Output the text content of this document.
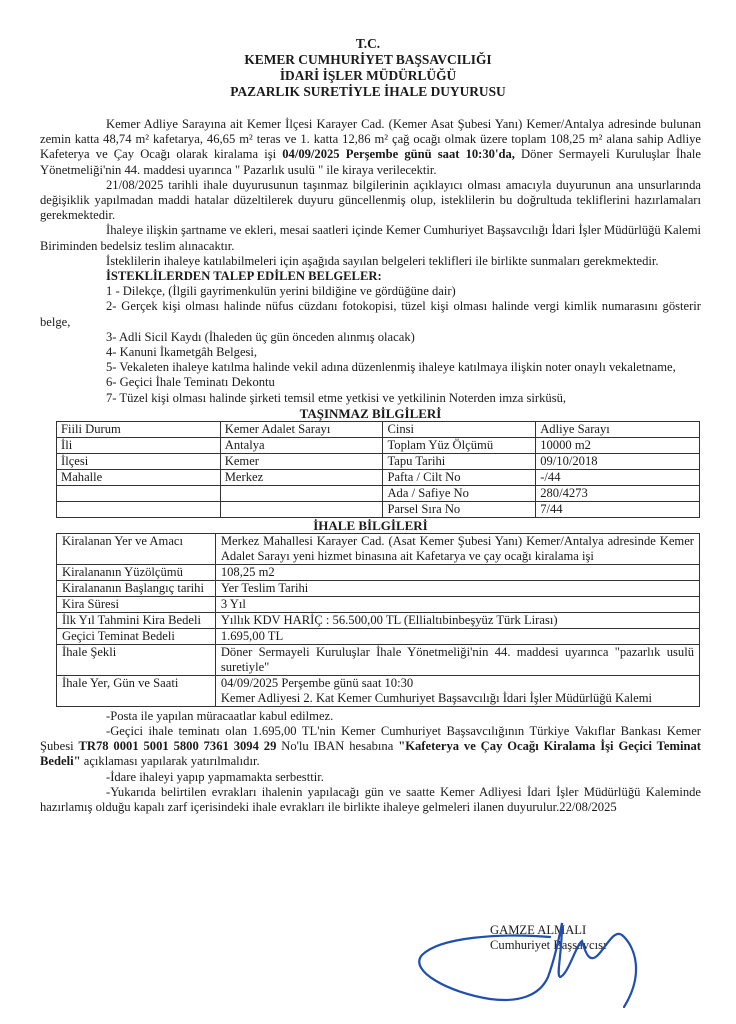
T.C.
KEMER CUMHURİYET BAŞSAVCILIĞI
İDARİ İŞLER MÜDÜRLÜĞÜ
PAZARLIK SURETİYLE İHALE DUYURUSU

Kemer Adliye Sarayına ait Kemer İlçesi Karayer Cad. (Kemer Asat Şubesi Yanı) Kemer/Antalya adresinde bulunan zemin katta 48,74 m² kafetarya, 46,65 m² teras ve 1. katta 12,86 m² çağ ocağı olmak üzere toplam 108,25 m² alana sahip Adliye Kafeterya ve Çay Ocağı olarak kiralama işi 04/09/2025 Perşembe günü saat 10:30'da, Döner Sermayeli Kuruluşlar İhale Yönetmeliği'nin 44. maddesi uyarınca " Pazarlık usulü " ile kiraya verilecektir.

21/08/2025 tarihli ihale duyurusunun taşınmaz bilgilerinin açıklayıcı olması amacıyla duyurunun ana unsurlarında değişiklik yapılmadan maddi hatalar düzeltilerek duyuru güncellenmiş olup, isteklilerin bu doğrultuda tekliflerini hazırlamaları gerekmektedir.

İhaleye ilişkin şartname ve ekleri, mesai saatleri içinde Kemer Cumhuriyet Başsavcılığı İdari İşler Müdürlüğü Kalemi Biriminden bedelsiz teslim alınacaktır.

İsteklilerin ihaleye katılabilmeleri için aşağıda sayılan belgeleri teklifleri ile birlikte sunmaları gerekmektedir.

İSTEKLİLERDEN TALEP EDİLEN BELGELER:

1 - Dilekçe, (İlgili gayrimenkulün yerini bildiğine ve gördüğüne dair)

2- Gerçek kişi olması halinde nüfus cüzdanı fotokopisi, tüzel kişi olması halinde vergi kimlik numarasını gösterir belge,

3- Adli Sicil Kaydı (İhaleden üç gün önceden alınmış olacak)

4- Kanuni İkametgâh Belgesi,

5- Vekaleten ihaleye katılma halinde vekil adına düzenlenmiş ihaleye katılmaya ilişkin noter onaylı vekaletname,

6- Geçici İhale Teminatı Dekontu

7- Tüzel kişi olması halinde şirketi temsil etme yetkisi ve yetkilinin Noterden imza sirküsü,

TAŞINMAZ BİLGİLERİ

Fiili Durum	Kemer Adalet Sarayı	Cinsi	Adliye Sarayı
İli	Antalya	Toplam Yüz Ölçümü	10000 m2
İlçesi	Kemer	Tapu Tarihi	09/10/2018
Mahalle	Merkez	Pafta / Cilt No	-/44
		Ada / Safiye No	280/4273
		Parsel Sıra No	7/44

İHALE BİLGİLERİ

Kiralanan Yer ve Amacı	Merkez Mahallesi Karayer Cad. (Asat Kemer Şubesi Yanı) Kemer/Antalya adresinde Kemer Adalet Sarayı yeni hizmet binasına ait Kafetarya ve çay ocağı kiralama işi
Kiralananın Yüzölçümü	108,25 m2
Kiralananın Başlangıç tarihi	Yer Teslim Tarihi
Kira Süresi	3 Yıl
İlk Yıl Tahmini Kira Bedeli	Yıllık KDV HARİÇ : 56.500,00 TL (Ellialtıbinbeşyüz Türk Lirası)
Geçici Teminat Bedeli	1.695,00 TL
İhale Şekli	Döner Sermayeli Kuruluşlar İhale Yönetmeliği'nin 44. maddesi uyarınca "pazarlık usulü suretiyle"
İhale Yer, Gün ve Saati	04/09/2025 Perşembe günü saat 10:30
Kemer Adliyesi 2. Kat Kemer Cumhuriyet Başsavcılığı İdari İşler Müdürlüğü Kalemi

-Posta ile yapılan müracaatlar kabul edilmez.

-Geçici ihale teminatı olan 1.695,00 TL'nin Kemer Cumhuriyet Başsavcılığının Türkiye Vakıflar Bankası Kemer Şubesi TR78 0001 5001 5800 7361 3094 29 No'lu IBAN hesabına "Kafeterya ve Çay Ocağı Kiralama İşi Geçici Teminat Bedeli" açıklaması yapılarak yatırılmalıdır.

-İdare ihaleyi yapıp yapmamakta serbesttir.

-Yukarıda belirtilen evrakları ihalenin yapılacağı gün ve saatte Kemer Adliyesi İdari İşler Müdürlüğü Kaleminde hazırlamış olduğu kapalı zarf içerisindeki ihale evrakları ile birlikte ihaleye gelmeleri ilanen duyurulur.22/08/2025

GAMZE ALMALI
Cumhuriyet Başsavcısı
